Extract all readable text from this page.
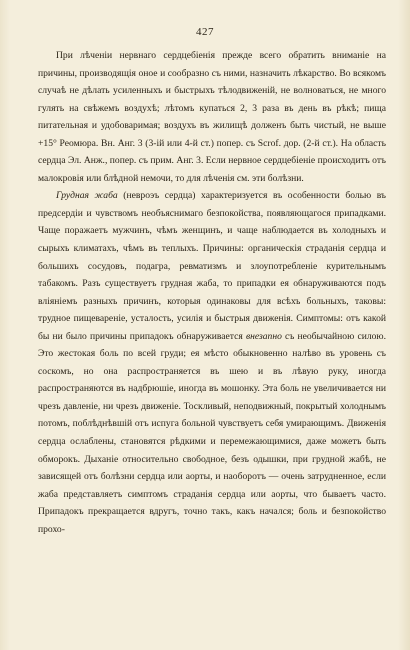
427

При лѣченіи нервнаго сердцебіенія прежде всего обратить вниманіе на причины, производящія оное и сообразно съ ними, назначить лѣкарство. Во всякомъ случаѣ не дѣлать усиленныхъ и быстрыхъ тѣлодвиженій, не волноваться, не много гулять на свѣжемъ воздухѣ; лѣтомъ купаться 2, 3 раза въ день въ рѣкѣ; пища питательная и удобоваримая; воздухъ въ жилищѣ долженъ быть чистый, не выше +15° Реомюра. Вн. Анг. 3 (3-ій или 4-й ст.) попер. съ Scrof. дор. (2-й ст.). На область сердца Эл. Анж., попер. съ прим. Анг. 3. Если нервное сердцебіеніе происходитъ отъ малокровія или блѣдной немочи, то для лѣченія см. эти болѣзни.

Грудная жаба (невроэъ сердца) характеризуется въ особенности болью въ предсердіи и чувствомъ необъяснимаго безпокойства, появляющагося припадками. Чаще поражаетъ мужчинъ, чѣмъ женщинъ, и чаще наблюдается въ холодныхъ и сырыхъ климатахъ, чѣмъ въ теплыхъ. Причины: органическія страданія сердца и большихъ сосудовъ, подагра, ревматизмъ и злоупотребленіе курительнымъ табакомъ. Разъ существуетъ грудная жаба, то припадки ея обнаруживаются подъ вліяніемъ разныхъ причинъ, которыя одинаковы для всѣхъ больныхъ, таковы: трудное пищевареніе, усталость, усилія и быстрыя движенія. Симптомы: отъ какой бы ни было причины припадокъ обнаруживается внезапно съ необычайною силою. Это жестокая боль по всей груди; ея мѣсто обыкновенно налѣво въ уровень съ соскомъ, но она распространяется въ шею и въ лѣвую руку, иногда распространяются въ надбрюшіе, иногда въ мошонку. Эта боль не увеличивается ни чрезъ давленіе, ни чрезъ движеніе. Тоскливый, неподвижный, покрытый холоднымъ потомъ, поблѣднѣвшій отъ испуга больной чувствуетъ себя умирающимъ. Движенія сердца ослаблены, становятся рѣдкими и перемежающимися, даже можетъ быть обморокъ. Дыханіе относительно свободное, безъ одышки, при грудной жабѣ, не зависящей отъ болѣзни сердца или аорты, и наоборотъ — очень затрудненное, если жаба представляетъ симптомъ страданія сердца или аорты, что бываетъ часто. Припадокъ прекращается вдругъ, точно такъ, какъ начался; боль и безпокойство прохо-
